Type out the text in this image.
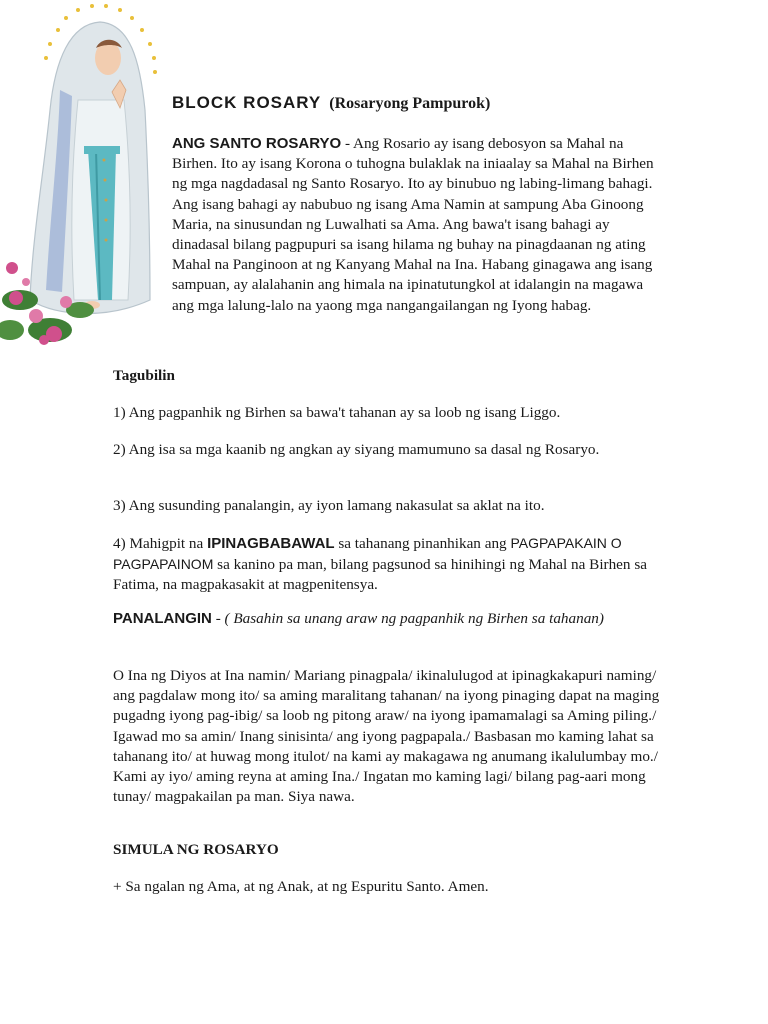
BLOCK ROSARY (Rosaryong Pampurok)
ANG SANTO ROSARYO - Ang Rosario ay isang debosyon sa Mahal na Birhen. Ito ay isang Korona o tuhogna bulaklak na iniaalay sa Mahal na Birhen ng mga nagdadasal ng Santo Rosaryo. Ito ay binubuo ng labing-limang bahagi. Ang isang bahagi ay nabubuo ng isang Ama Namin at sampung Aba Ginoong Maria, na sinusundan ng Luwalhati sa Ama. Ang bawa't isang bahagi ay dinadasal bilang pagpupuri sa isang hilama ng buhay na pinagdaanan ng ating Mahal na Panginoon at ng Kanyang Mahal na Ina. Habang ginagawa ang isang sampuan, ay alalahanin ang himala na ipinatutungkol at idalangin na magawa ang mga lalung-lalo na yaong mga nangangailangan ng Iyong habag.
Tagubilin
1) Ang pagpanhik ng Birhen sa bawa't tahanan ay sa loob ng isang Liggo.
2) Ang isa sa mga kaanib ng angkan ay siyang mamumuno sa dasal ng Rosaryo.
3) Ang susunding panalangin, ay iyon lamang nakasulat sa aklat na ito.
4) Mahigpit na IPINAGBABAWAL sa tahanang pinanhikan ang PAGPAPAKAIN O PAGPAPAINOM sa kanino pa man, bilang pagsunod sa hinihingi ng Mahal na Birhen sa Fatima, na magpakasakit at magpenitensya.
PANALANGIN - ( Basahin sa unang araw ng pagpanhik ng Birhen sa tahanan)
O Ina ng Diyos at Ina namin/ Mariang pinagpala/ ikinalulugod at ipinagkakapuri naming/ ang pagdalaw mong ito/ sa aming maralitang tahanan/ na iyong pinaging dapat na maging pugadng iyong pag-ibig/ sa loob ng pitong araw/ na iyong ipamamalagi sa Aming piling./ Igawad mo sa amin/ Inang sinisinta/ ang iyong pagpapala./ Basbasan mo kaming lahat sa tahanang ito/ at huwag mong itulot/ na kami ay makagawa ng anumang ikalulumbay mo./ Kami ay iyo/ aming reyna at aming Ina./ Ingatan mo kaming lagi/ bilang pag-aari mong tunay/ magpakailan pa man. Siya nawa.
SIMULA NG ROSARYO
+ Sa ngalan ng Ama, at ng Anak, at ng Espuritu Santo. Amen.
